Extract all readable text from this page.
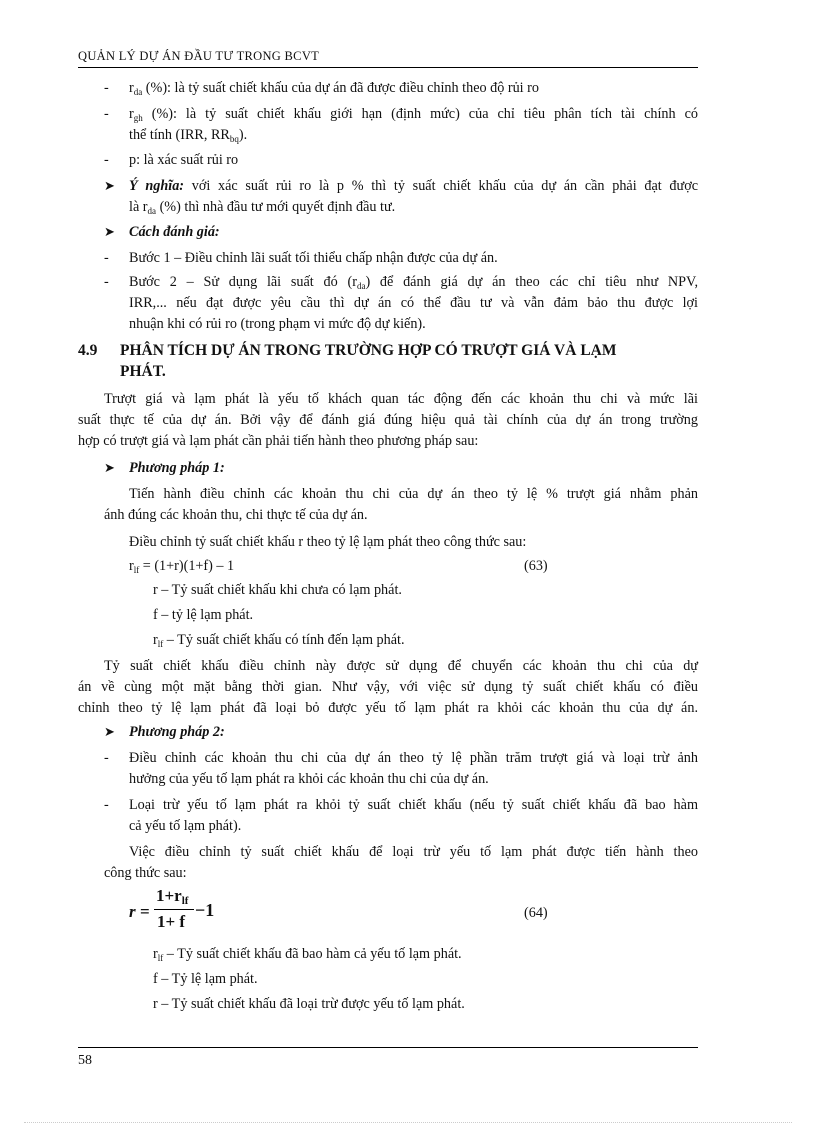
QUẢN LÝ DỰ ÁN ĐẦU TƯ TRONG BCVT
- $r_{da}$ (%): là tỷ suất chiết khấu của dự án đã được điều chỉnh theo độ rủi ro
- $r_{gh}$ (%): là tỷ suất chiết khấu giới hạn (định mức) của chỉ tiêu phân tích tài chính có
thể tính (IRR, $RR_{bq}$).
- p: là xác suất rủi ro
➤ Ý nghĩa: với xác suất rủi ro là p % thì tỷ suất chiết khấu của dự án cần phải đạt được
là $r_{da}$ (%) thì nhà đầu tư mới quyết định đầu tư.
➤ Cách đánh giá:
- Bước 1 – Điều chỉnh lãi suất tối thiểu chấp nhận được của dự án.
- Bước 2 – Sử dụng lãi suất đó $(r_{da})$ để đánh giá dự án theo các chỉ tiêu như NPV,
IRR,... nếu đạt được yêu cầu thì dự án có thể đầu tư và vẫn đảm bảo thu được lợi
nhuận khi có rủi ro (trong phạm vi mức độ dự kiến).
4.9 PHÂN TÍCH DỰ ÁN TRONG TRƯỜNG HỢP CÓ TRƯỢT GIÁ VÀ LẠM
PHÁT.
Trượt giá và lạm phát là yếu tố khách quan tác động đến các khoản thu chi và mức lãi
suất thực tế của dự án. Bởi vậy để đánh giá đúng hiệu quả tài chính của dự án trong trường
hợp có trượt giá và lạm phát cần phải tiến hành theo phương pháp sau:
➤ Phương pháp 1:
Tiến hành điều chỉnh các khoản thu chi của dự án theo tỷ lệ % trượt giá nhằm phản
ánh đúng các khoản thu, chi thực tế của dự án.
Điều chỉnh tỷ suất chiết khấu r theo tỷ lệ lạm phát theo công thức sau:
$r_{lf} = (1+r)(1+f) - 1$	(63)
r – Tỷ suất chiết khấu khi chưa có lạm phát.
f – tỷ lệ lạm phát.
$r_{lf}$ – Tỷ suất chiết khấu có tính đến lạm phát.
Tỷ suất chiết khấu điều chỉnh này được sử dụng để chuyển các khoản thu chi của dự
án về cùng một mặt bằng thời gian. Như vậy, với việc sử dụng tỷ suất chiết khấu có điều
chỉnh theo tỷ lệ lạm phát đã loại bỏ được yếu tố lạm phát ra khỏi các khoản thu của dự án.
➤ Phương pháp 2:
- Điều chỉnh các khoản thu chi của dự án theo tỷ lệ phần trăm trượt giá và loại trừ ảnh
hưởng của yếu tố lạm phát ra khỏi các khoản thu chi của dự án.
- Loại trừ yếu tố lạm phát ra khỏi tỷ suất chiết khấu (nếu tỷ suất chiết khấu đã bao hàm
cả yếu tố lạm phát).
Việc điều chỉnh tỷ suất chiết khấu để loại trừ yếu tố lạm phát được tiến hành theo
công thức sau:
r =
$1+r_{lf}$
1+ f
−1	(64)
$r_{lf}$ – Tỷ suất chiết khấu đã bao hàm cả yếu tố lạm phát.
f – Tỷ lệ lạm phát.
r – Tỷ suất chiết khấu đã loại trừ được yếu tố lạm phát.
58
